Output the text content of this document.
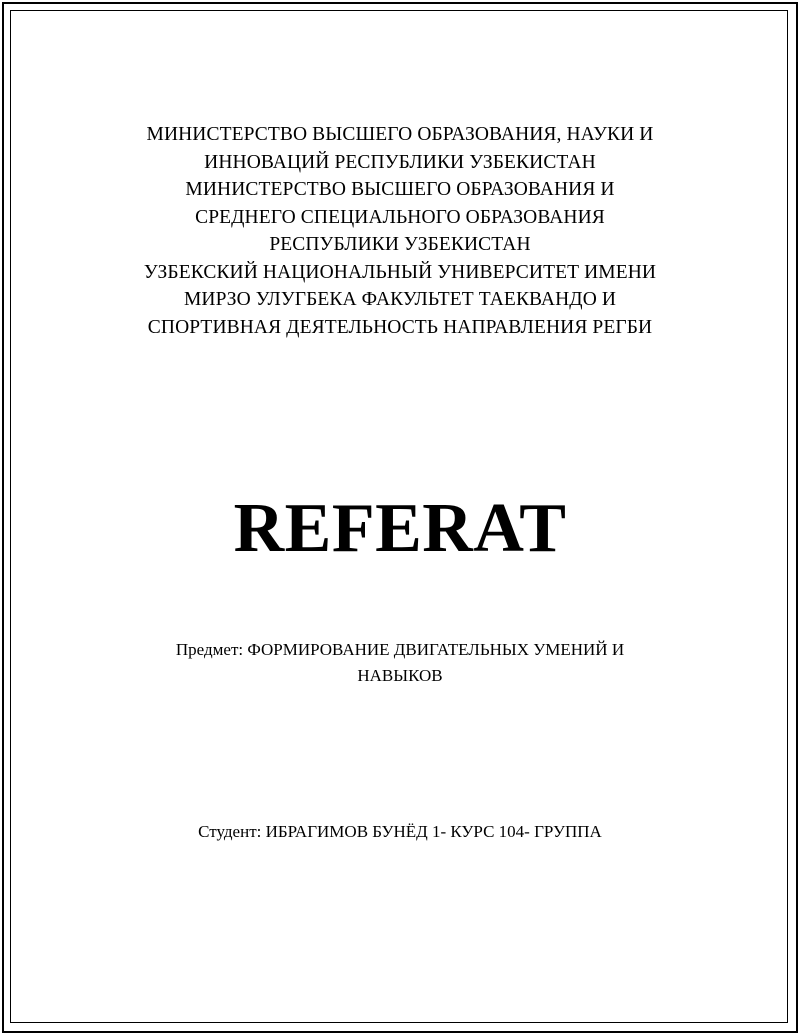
МИНИСТЕРСТВО ВЫСШЕГО ОБРАЗОВАНИЯ, НАУКИ И
ИННОВАЦИЙ РЕСПУБЛИКИ УЗБЕКИСТАН
МИНИСТЕРСТВО ВЫСШЕГО ОБРАЗОВАНИЯ И
СРЕДНЕГО СПЕЦИАЛЬНОГО ОБРАЗОВАНИЯ
РЕСПУБЛИКИ УЗБЕКИСТАН
УЗБЕКСКИЙ НАЦИОНАЛЬНЫЙ УНИВЕРСИТЕТ ИМЕНИ
МИРЗО УЛУГБЕКА ФАКУЛЬТЕТ ТАЕКВАНДО И
СПОРТИВНАЯ ДЕЯТЕЛЬНОСТЬ НАПРАВЛЕНИЯ РЕГБИ
REFERAT
Предмет: ФОРМИРОВАНИЕ ДВИГАТЕЛЬНЫХ УМЕНИЙ И
НАВЫКОВ
Студент: ИБРАГИМОВ БУНЁД 1- КУРС 104- ГРУППА
